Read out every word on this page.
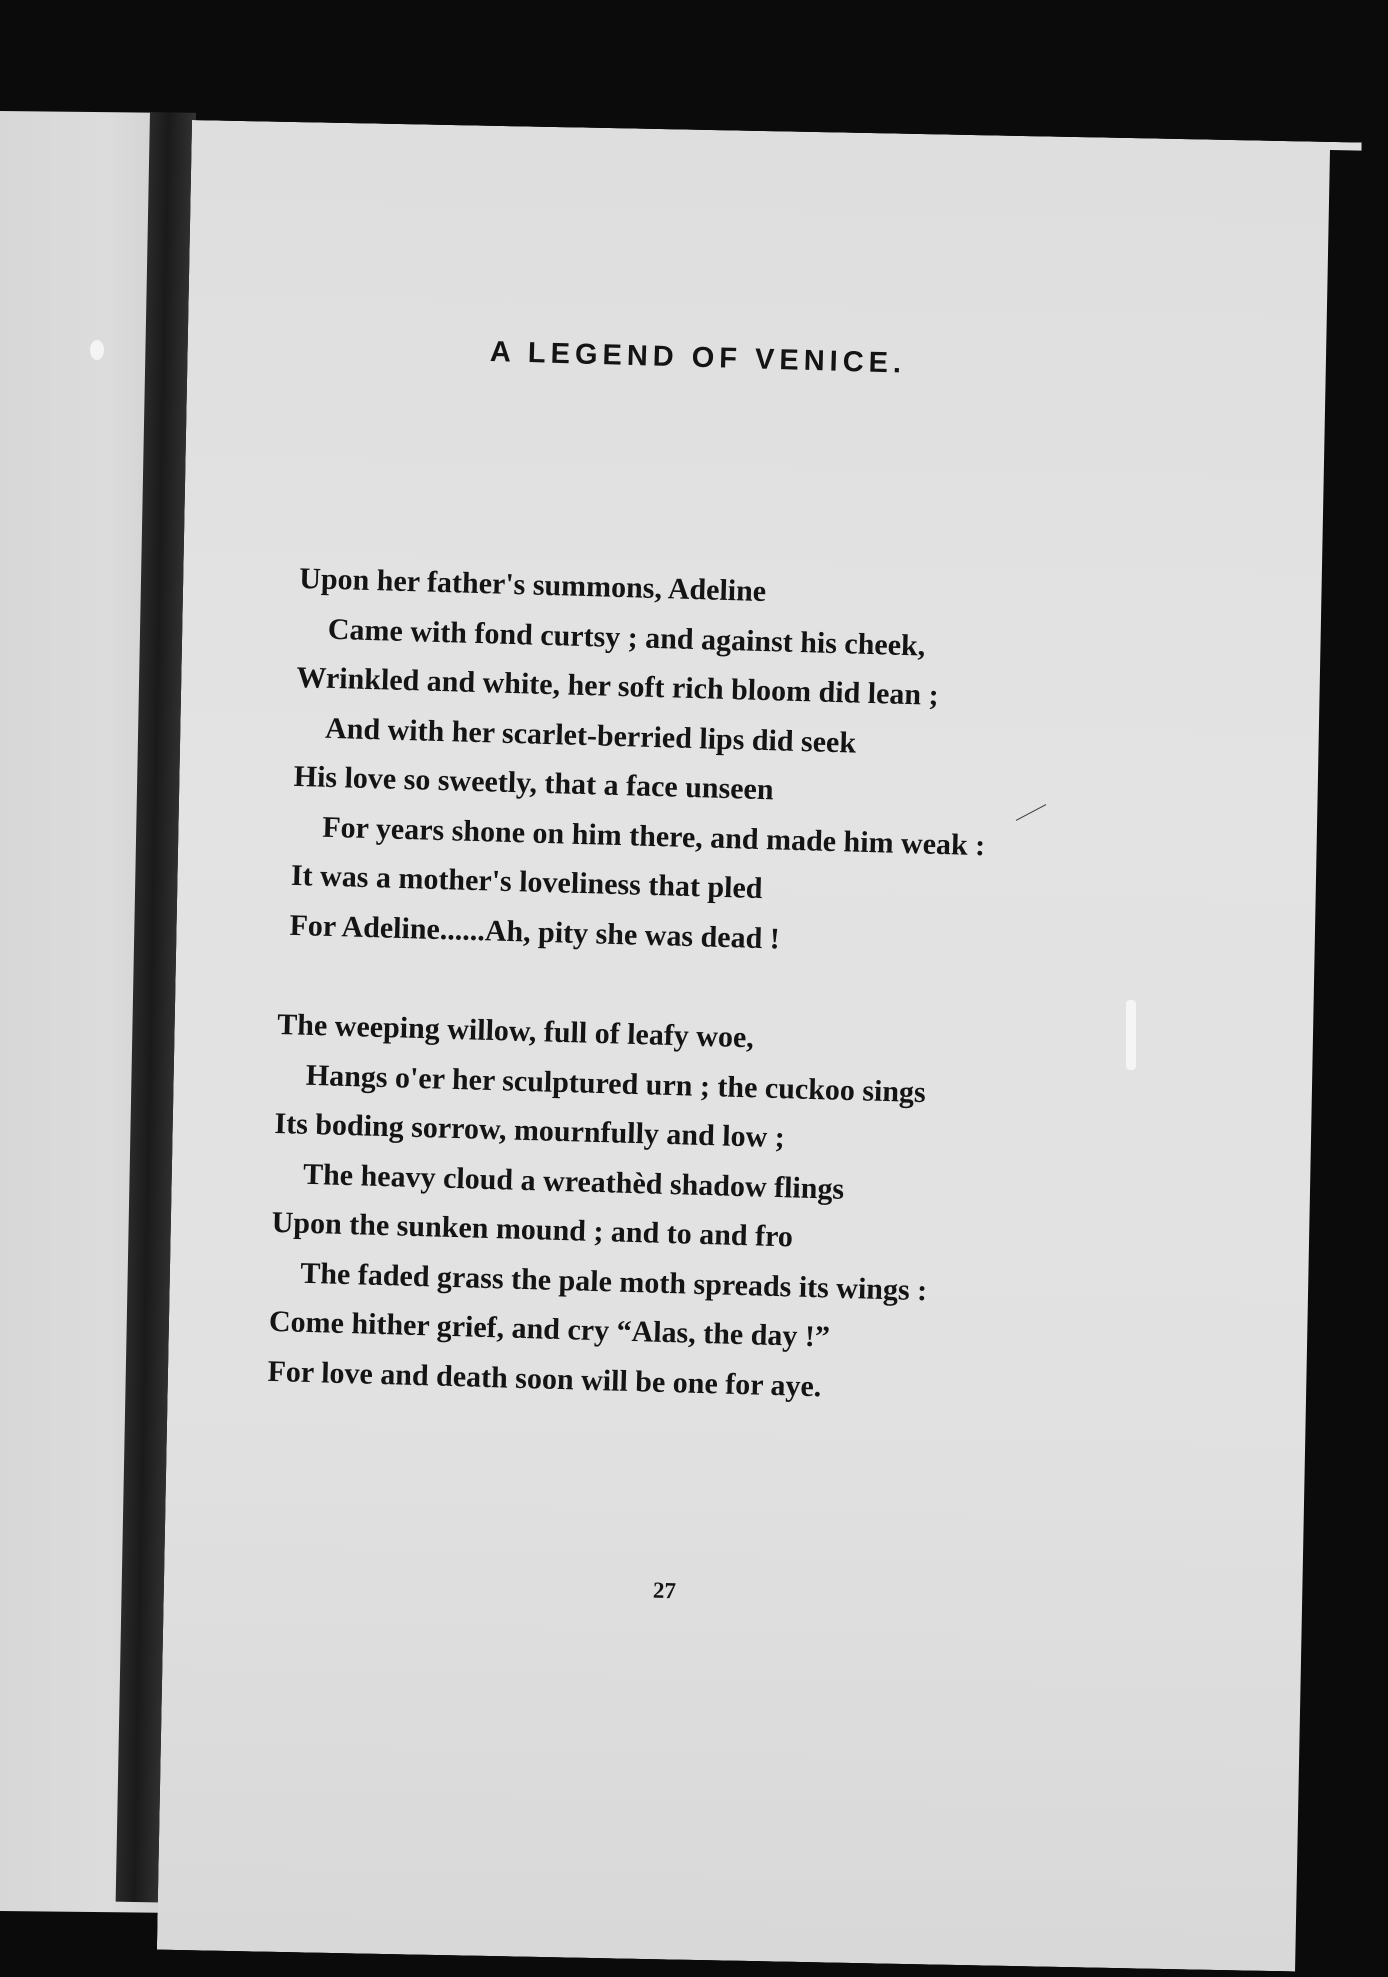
A LEGEND OF VENICE.
Upon her father's summons, Adeline
Came with fond curtsy ; and against his cheek,
Wrinkled and white, her soft rich bloom did lean ;
And with her scarlet-berried lips did seek
His love so sweetly, that a face unseen
For years shone on him there, and made him weak :
It was a mother's loveliness that pled
For Adeline......Ah, pity she was dead !
The weeping willow, full of leafy woe,
Hangs o'er her sculptured urn ; the cuckoo sings
Its boding sorrow, mournfully and low ;
The heavy cloud a wreathèd shadow flings
Upon the sunken mound ; and to and fro
The faded grass the pale moth spreads its wings :
Come hither grief, and cry “Alas, the day !”
For love and death soon will be one for aye.
27
